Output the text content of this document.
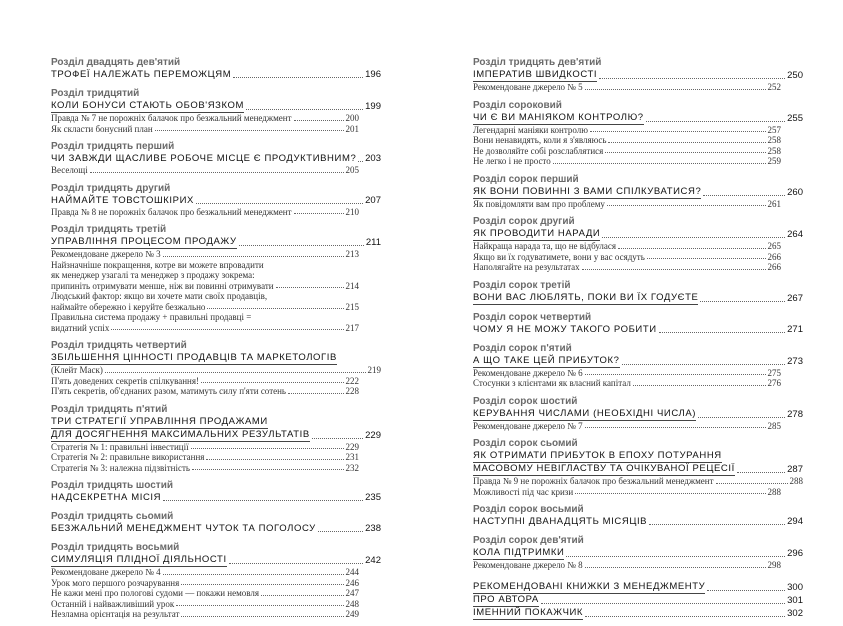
Розділ двадцять дев'ятий
ТРОФЕЇ НАЛЕЖАТЬ ПЕРЕМОЖЦЯМ	196
Розділ тридцятий
КОЛИ БОНУСИ СТАЮТЬ ОБОВ'ЯЗКОМ	199
Правда № 7 не порожніх балачок про безжальний менеджмент	200
Як скласти бонусний план	201
Розділ тридцять перший
ЧИ ЗАВЖДИ ЩАСЛИВЕ РОБОЧЕ МІСЦЕ Є ПРОДУКТИВНИМ? 203
Веселощі	205
Розділ тридцять другий
НАЙМАЙТЕ ТОВСТОШКІРИХ	207
Правда № 8 не порожніх балачок про безжальний менеджмент	210
Розділ тридцять третій
УПРАВЛІННЯ ПРОЦЕСОМ ПРОДАЖУ	211
Рекомендоване джерело № 3	213
Найзначніше покращення, котре ви можете впровадити
як менеджер узагалі та менеджер з продажу зокрема:
припиніть отримувати менше, ніж ви повинні отримувати	214
Людський фактор: якщо ви хочете мати своїх продавців,
наймайте обережно і керуйте безжально	215
Правильна система продажу + правильні продавці =
видатний успіх	217
Розділ тридцять четвертий
ЗБІЛЬШЕННЯ ЦІННОСТІ ПРОДАВЦІВ ТА МАРКЕТОЛОГІВ
(Клейт Маск)	219
П'ять доведених секретів спілкування!	222
П'ять секретів, об'єднаних разом, матимуть силу п'яти сотень	228
Розділ тридцять п'ятий
ТРИ СТРАТЕГІЇ УПРАВЛІННЯ ПРОДАЖАМИ
ДЛЯ ДОСЯГНЕННЯ МАКСИМАЛЬНИХ РЕЗУЛЬТАТІВ	229
Стратегія № 1: правильні інвестиції	229
Стратегія № 2: правильне використання	231
Стратегія № 3: належна підзвітність	232
Розділ тридцять шостий
НАДСЕКРЕТНА МІСІЯ	235
Розділ тридцять сьомий
БЕЗЖАЛЬНИЙ МЕНЕДЖМЕНТ ЧУТОК ТА ПОГОЛОСУ	238
Розділ тридцять восьмий
СИМУЛЯЦІЯ ПЛІДНОЇ ДІЯЛЬНОСТІ	242
Рекомендоване джерело № 4	244
Урок мого першого розчарування	246
Не кажи мені про пологові судоми — покажи немовля	247
Останній і найважливіший урок	248
Незламна орієнтація на результат	249
Розділ тридцять дев'ятий
ІМПЕРАТИВ ШВИДКОСТІ	250
Рекомендоване джерело № 5	252
Розділ сороковий
ЧИ Є ВИ МАНІЯКОМ КОНТРОЛЮ?	255
Легендарні маніяки контролю	257
Вони ненавидять, коли я з'являюсь	258
Не дозволяйте собі розслаблятися	258
Не легко і не просто	259
Розділ сорок перший
ЯК ВОНИ ПОВИННІ З ВАМИ СПІЛКУВАТИСЯ?	260
Як повідомляти вам про проблему	261
Розділ сорок другий
ЯК ПРОВОДИТИ НАРАДИ	264
Найкраща нарада та, що не відбулася	265
Якщо ви їх годуватимете, вони у вас осядуть	266
Наполягайте на результатах	266
Розділ сорок третій
ВОНИ ВАС ЛЮБЛЯТЬ, ПОКИ ВИ ЇХ ГОДУЄТЕ	267
Розділ сорок четвертий
ЧОМУ Я НЕ МОЖУ ТАКОГО РОБИТИ	271
Розділ сорок п'ятий
А ЩО ТАКЕ ЦЕЙ ПРИБУТОК?	273
Рекомендоване джерело № 6	275
Стосунки з клієнтами як власний капітал	276
Розділ сорок шостий
КЕРУВАННЯ ЧИСЛАМИ (НЕОБХІДНІ ЧИСЛА)	278
Рекомендоване джерело № 7	285
Розділ сорок сьомий
ЯК ОТРИМАТИ ПРИБУТОК В ЕПОХУ ПОТУРАННЯ
МАСОВОМУ НЕВІГЛАСТВУ ТА ОЧІКУВАНОЇ РЕЦЕСІЇ	287
Правда № 9 не порожніх балачок про безжальний менеджмент	288
Можливості під час кризи	288
Розділ сорок восьмий
НАСТУПНІ ДВАНАДЦЯТЬ МІСЯЦІВ	294
Розділ сорок дев'ятий
КОЛА ПІДТРИМКИ	296
Рекомендоване джерело № 8	298
РЕКОМЕНДОВАНІ КНИЖКИ З МЕНЕДЖМЕНТУ	300
ПРО АВТОРА	301
ІМЕННИЙ ПОКАЖЧИК	302
